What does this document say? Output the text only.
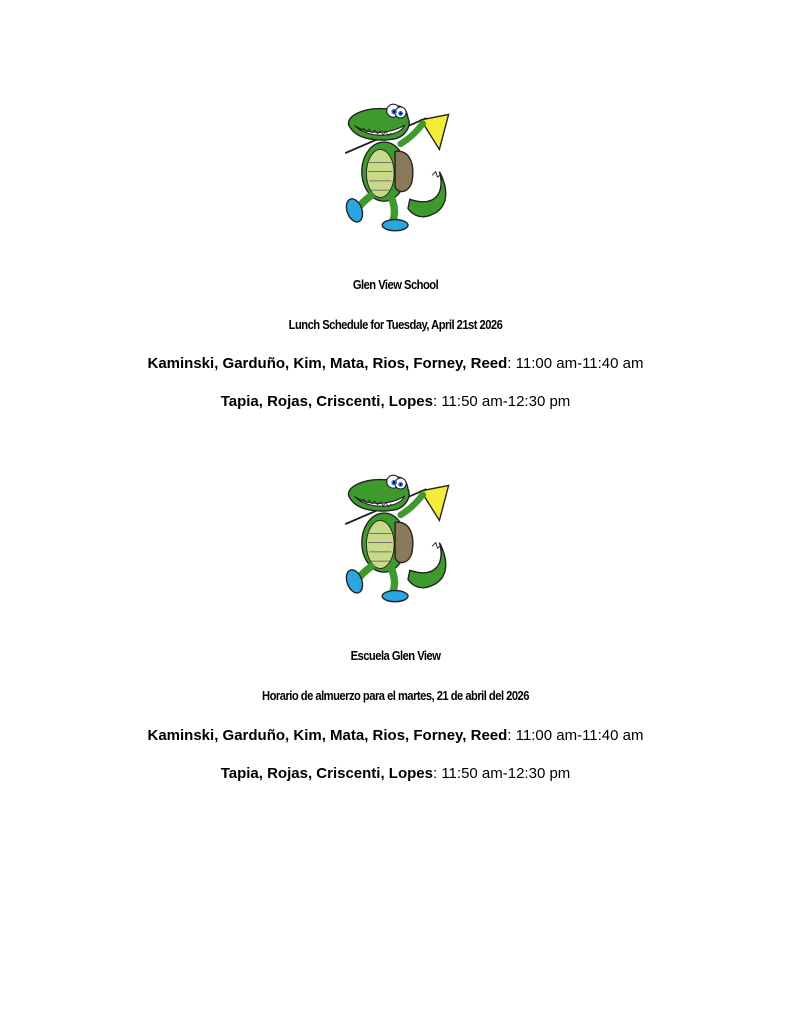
Glen View School
Lunch Schedule for Tuesday, April 21st 2026
Kaminski, Garduño, Kim, Mata, Rios, Forney, Reed: 11:00 am-11:40 am
Tapia, Rojas, Criscenti, Lopes: 11:50 am-12:30 pm
Escuela Glen View
Horario de almuerzo para el martes, 21 de abril del 2026
Kaminski, Garduño, Kim, Mata, Rios, Forney, Reed: 11:00 am-11:40 am
Tapia, Rojas, Criscenti, Lopes: 11:50 am-12:30 pm
